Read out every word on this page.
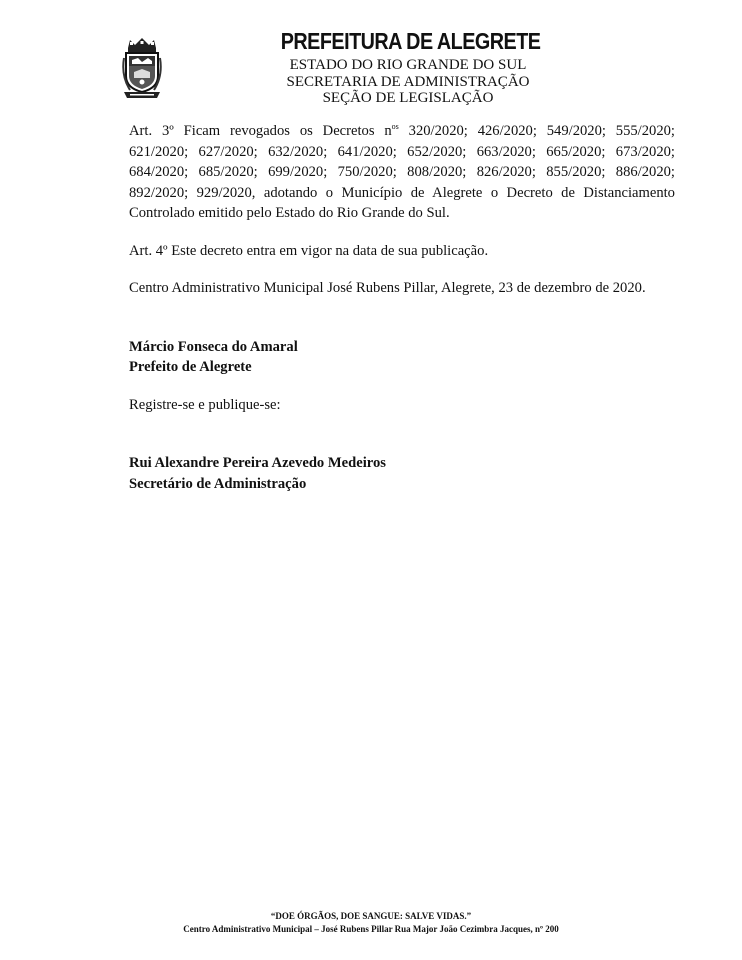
PREFEITURA DE ALEGRETE
ESTADO DO RIO GRANDE DO SUL
SECRETARIA DE ADMINISTRAÇÃO
SEÇÃO DE LEGISLAÇÃO

Art. 3º Ficam revogados os Decretos $n^{os}$ 320/2020; 426/2020; 549/2020; 555/2020; 621/2020; 627/2020; 632/2020; 641/2020; 652/2020; 663/2020; 665/2020; 673/2020; 684/2020; 685/2020; 699/2020; 750/2020; 808/2020; 826/2020; 855/2020; 886/2020; 892/2020; 929/2020, adotando o Município de Alegrete o Decreto de Distanciamento Controlado emitido pelo Estado do Rio Grande do Sul.

Art. 4º Este decreto entra em vigor na data de sua publicação.

Centro Administrativo Municipal José Rubens Pillar, Alegrete, 23 de dezembro de 2020.

Márcio Fonseca do Amaral
Prefeito de Alegrete

Registre-se e publique-se:

Rui Alexandre Pereira Azevedo Medeiros
Secretário de Administração
“DOE ÓRGÃOS, DOE SANGUE: SALVE VIDAS.”
Centro Administrativo Municipal – José Rubens Pillar Rua Major João Cezimbra Jacques, nº 200
